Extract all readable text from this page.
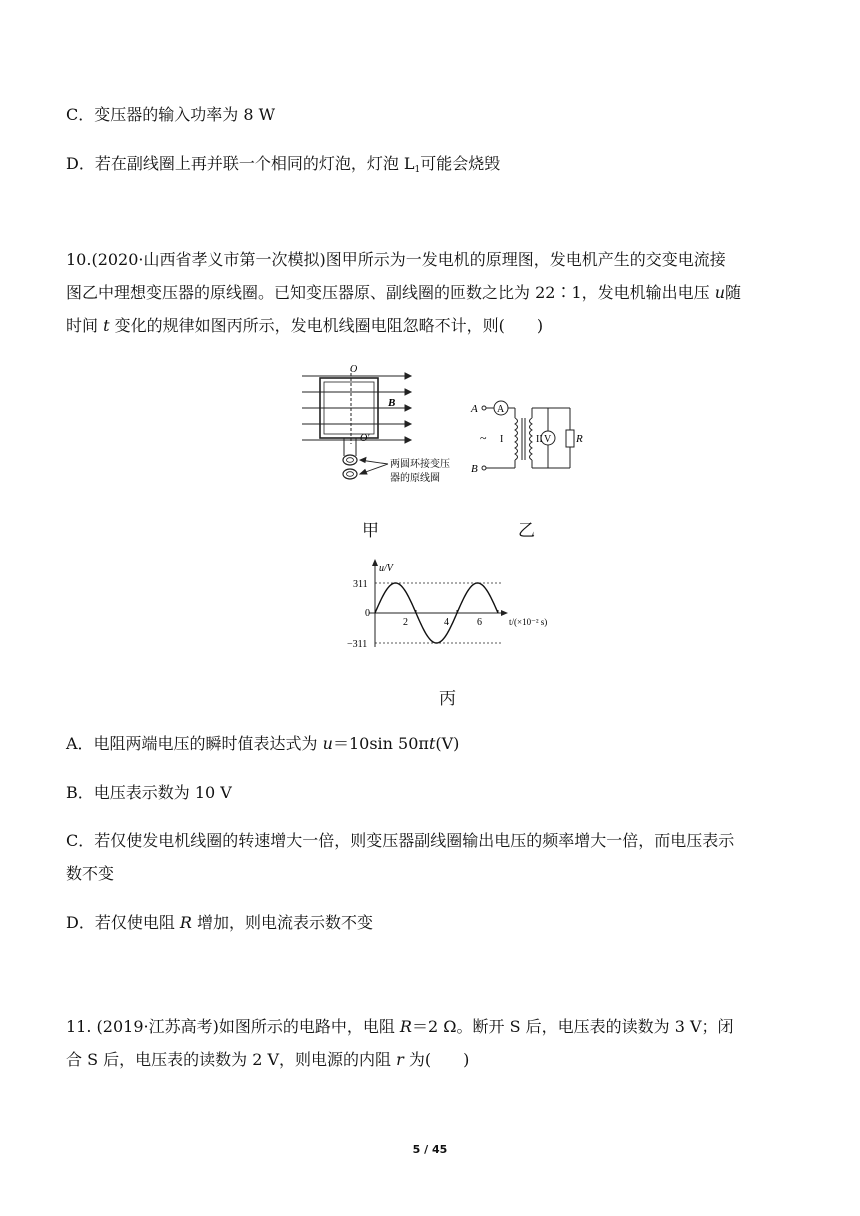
C．变压器的输入功率为 8 W
D．若在副线圈上再并联一个相同的灯泡，灯泡 $L_1$可能会烧毁
10.(2020·山西省孝义市第一次模拟)图甲所示为一发电机的原理图，发电机产生的交变电流接
图乙中理想变压器的原线圈。已知变压器原、副线圈的匝数之比为 22∶1，发电机输出电压 u随
时间 t 变化的规律如图丙所示，发电机线圈电阻忽略不计，则(　　)
O
B
O′
两圆环接变压
器的原线圈
A
B
A
V
~ I	II	R
甲	乙
u/V
t/(×10⁻² s)
311
0
−311
2	4	6
丙
A．电阻两端电压的瞬时值表达式为 u＝10sin 50πt(V)
B．电压表示数为 10 V
C．若仅使发电机线圈的转速增大一倍，则变压器副线圈输出电压的频率增大一倍，而电压表示
数不变
D．若仅使电阻 R 增加，则电流表示数不变
11. (2019·江苏高考)如图所示的电路中，电阻 R＝2 Ω。断开 S 后，电压表的读数为 3 V；闭
合 S 后，电压表的读数为 2 V，则电源的内阻 r 为(　　)
5 / 45
